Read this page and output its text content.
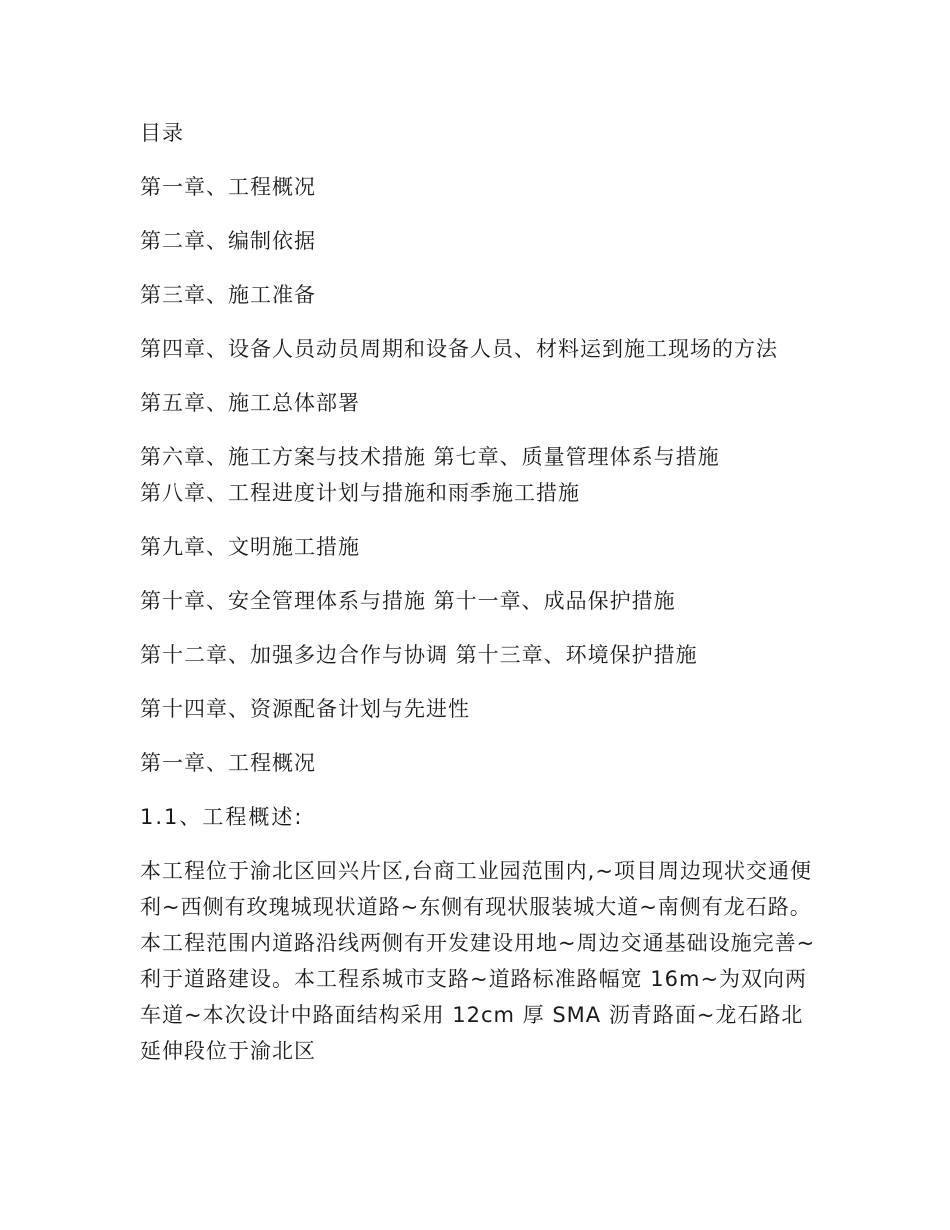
目录

第一章、工程概况

第二章、编制依据

第三章、施工准备

第四章、设备人员动员周期和设备人员、材料运到施工现场的方法

第五章、施工总体部署

第六章、施工方案与技术措施 第七章、质量管理体系与措施

第八章、工程进度计划与措施和雨季施工措施

第九章、文明施工措施

第十章、安全管理体系与措施 第十一章、成品保护措施

第十二章、加强多边合作与协调 第十三章、环境保护措施

第十四章、资源配备计划与先进性

第一章、工程概况

1.1、工程概述:

本工程位于渝北区回兴片区,台商工业园范围内,~项目周边现状交通便利~西侧有玫瑰城现状道路~东侧有现状服装城大道~南侧有龙石路。本工程范围内道路沿线两侧有开发建设用地~周边交通基础设施完善~利于道路建设。本工程系城市支路~道路标准路幅宽 16m~为双向两车道~本次设计中路面结构采用 12cm 厚 SMA 沥青路面~龙石路北延伸段位于渝北区
